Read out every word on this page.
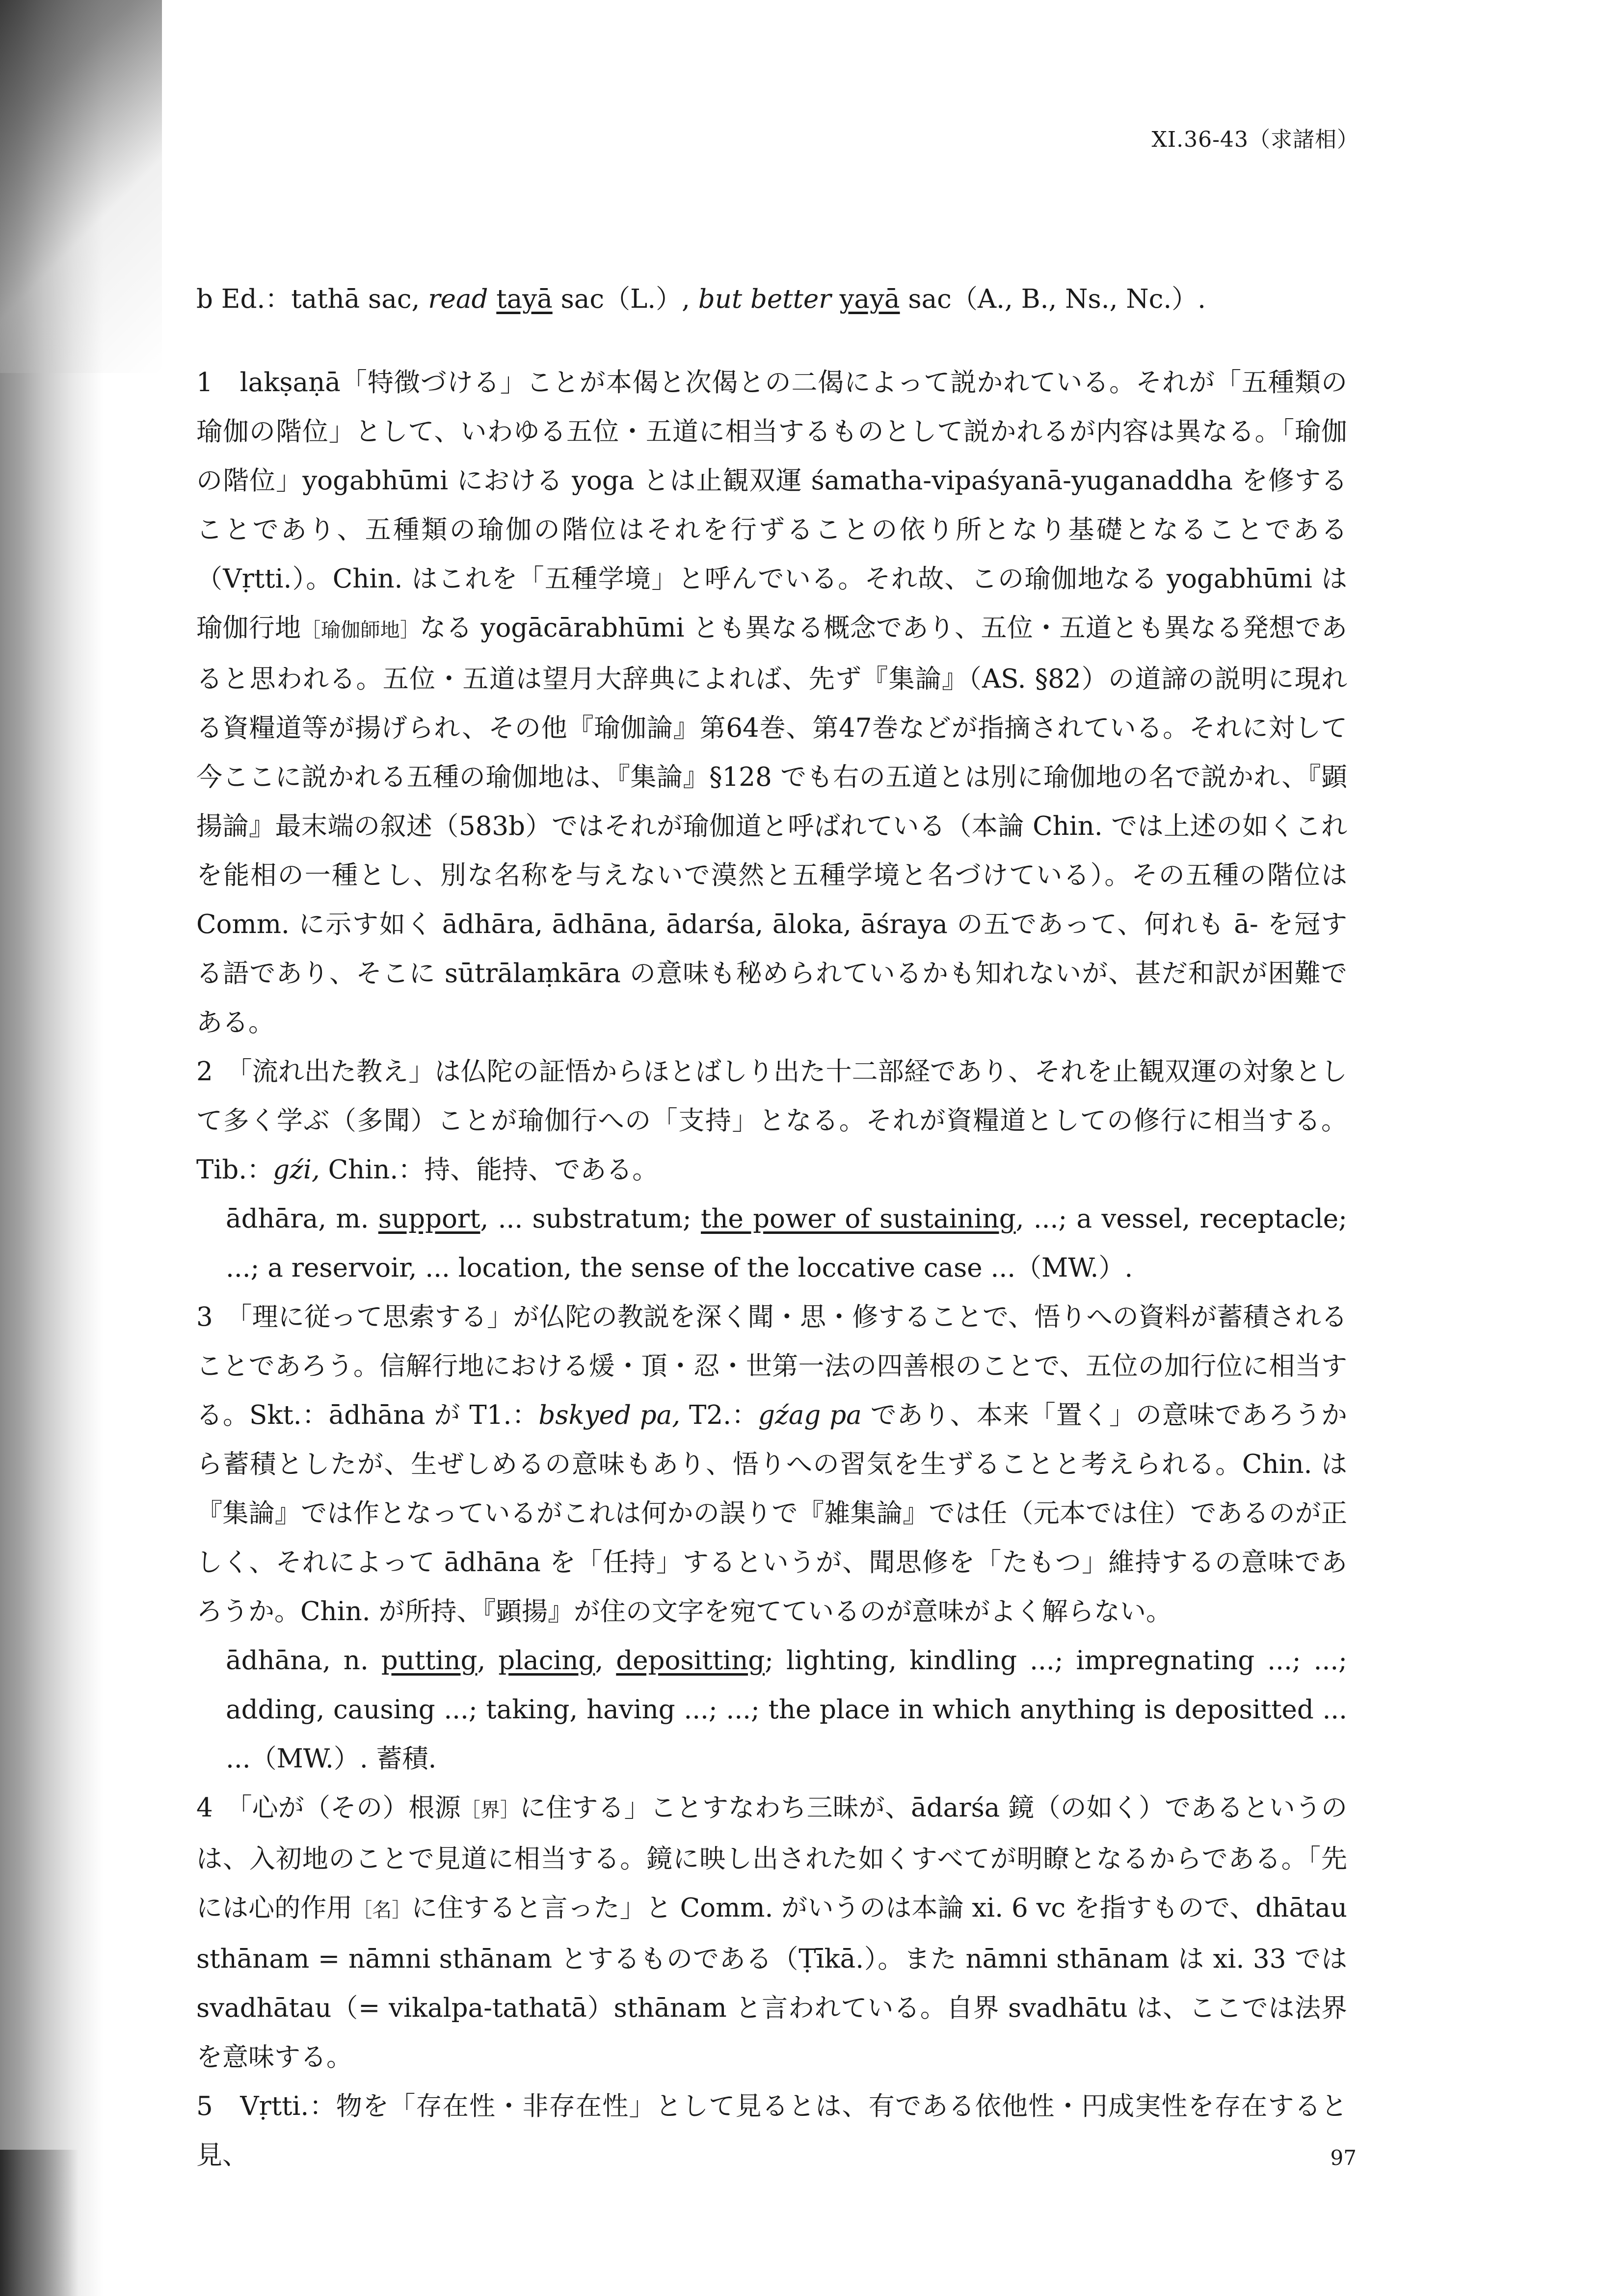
XI.36-43（求諸相）

b Ed.：tathā sac, read tayā sac（L.）, but better yayā sac（A., B., Ns., Nc.）.

1　lakṣaṇā「特徴づける」ことが本偈と次偈との二偈によって説かれている。それが「五種類の瑜伽の階位」として、いわゆる五位・五道に相当するものとして説かれるが内容は異なる。「瑜伽の階位」yogabhūmi における yoga とは止観双運 śamatha-vipaśyanā-yuganaddha を修することであり、五種類の瑜伽の階位はそれを行ずることの依り所となり基礎となることである（Vṛtti.）。Chin. はこれを「五種学境」と呼んでいる。それ故、この瑜伽地なる yogabhūmi は瑜伽行地［瑜伽師地］なる yogācārabhūmi とも異なる概念であり、五位・五道とも異なる発想であると思われる。五位・五道は望月大辞典によれば、先ず『集論』（AS. §82）の道諦の説明に現れる資糧道等が揚げられ、その他『瑜伽論』第64巻、第47巻などが指摘されている。それに対して今ここに説かれる五種の瑜伽地は、『集論』§128 でも右の五道とは別に瑜伽地の名で説かれ、『顕揚論』最末端の叙述（583b）ではそれが瑜伽道と呼ばれている（本論 Chin. では上述の如くこれを能相の一種とし、別な名称を与えないで漠然と五種学境と名づけている）。その五種の階位は Comm. に示す如く ādhāra, ādhāna, ādarśa, āloka, āśraya の五であって、何れも ā- を冠する語であり、そこに sūtrālaṃkāra の意味も秘められているかも知れないが、甚だ和訳が困難である。

2　「流れ出た教え」は仏陀の証悟からほとばしり出た十二部経であり、それを止観双運の対象として多く学ぶ（多聞）ことが瑜伽行への「支持」となる。それが資糧道としての修行に相当する。Tib.：gźi, Chin.：持、能持、である。

ādhāra, m. support, ... substratum; the power of sustaining, ...; a vessel, receptacle; ...; a reservoir, ... location, the sense of the loccative case ...（MW.）.

3　「理に従って思索する」が仏陀の教説を深く聞・思・修することで、悟りへの資料が蓄積されることであろう。信解行地における煖・頂・忍・世第一法の四善根のことで、五位の加行位に相当する。Skt.：ādhāna が T1.：bskyed pa, T2.：gźag pa であり、本来「置く」の意味であろうから蓄積としたが、生ぜしめるの意味もあり、悟りへの習気を生ずることと考えられる。Chin. は『集論』では作となっているがこれは何かの誤りで『雑集論』では任（元本では住）であるのが正しく、それによって ādhāna を「任持」するというが、聞思修を「たもつ」維持するの意味であろうか。Chin. が所持、『顕揚』が住の文字を宛てているのが意味がよく解らない。

ādhāna, n. putting, placing, depositting; lighting, kindling ...; impregnating ...; ...; adding, causing ...; taking, having ...; ...; the place in which anything is depositted ... ...（MW.）. 蓄積.

4　「心が（その）根源［界］に住する」ことすなわち三昧が、ādarśa 鏡（の如く）であるというのは、入初地のことで見道に相当する。鏡に映し出された如くすべてが明瞭となるからである。「先には心的作用［名］に住すると言った」と Comm. がいうのは本論 xi. 6 vc を指すもので、dhātau sthānam = nāmni sthānam とするものである（Ṭīkā.）。また nāmni sthānam は xi. 33 では svadhātau（= vikalpa-tathatā）sthānam と言われている。自界 svadhātu は、ここでは法界を意味する。

5　Vṛtti.：物を「存在性・非存在性」として見るとは、有である依他性・円成実性を存在すると見、	97
